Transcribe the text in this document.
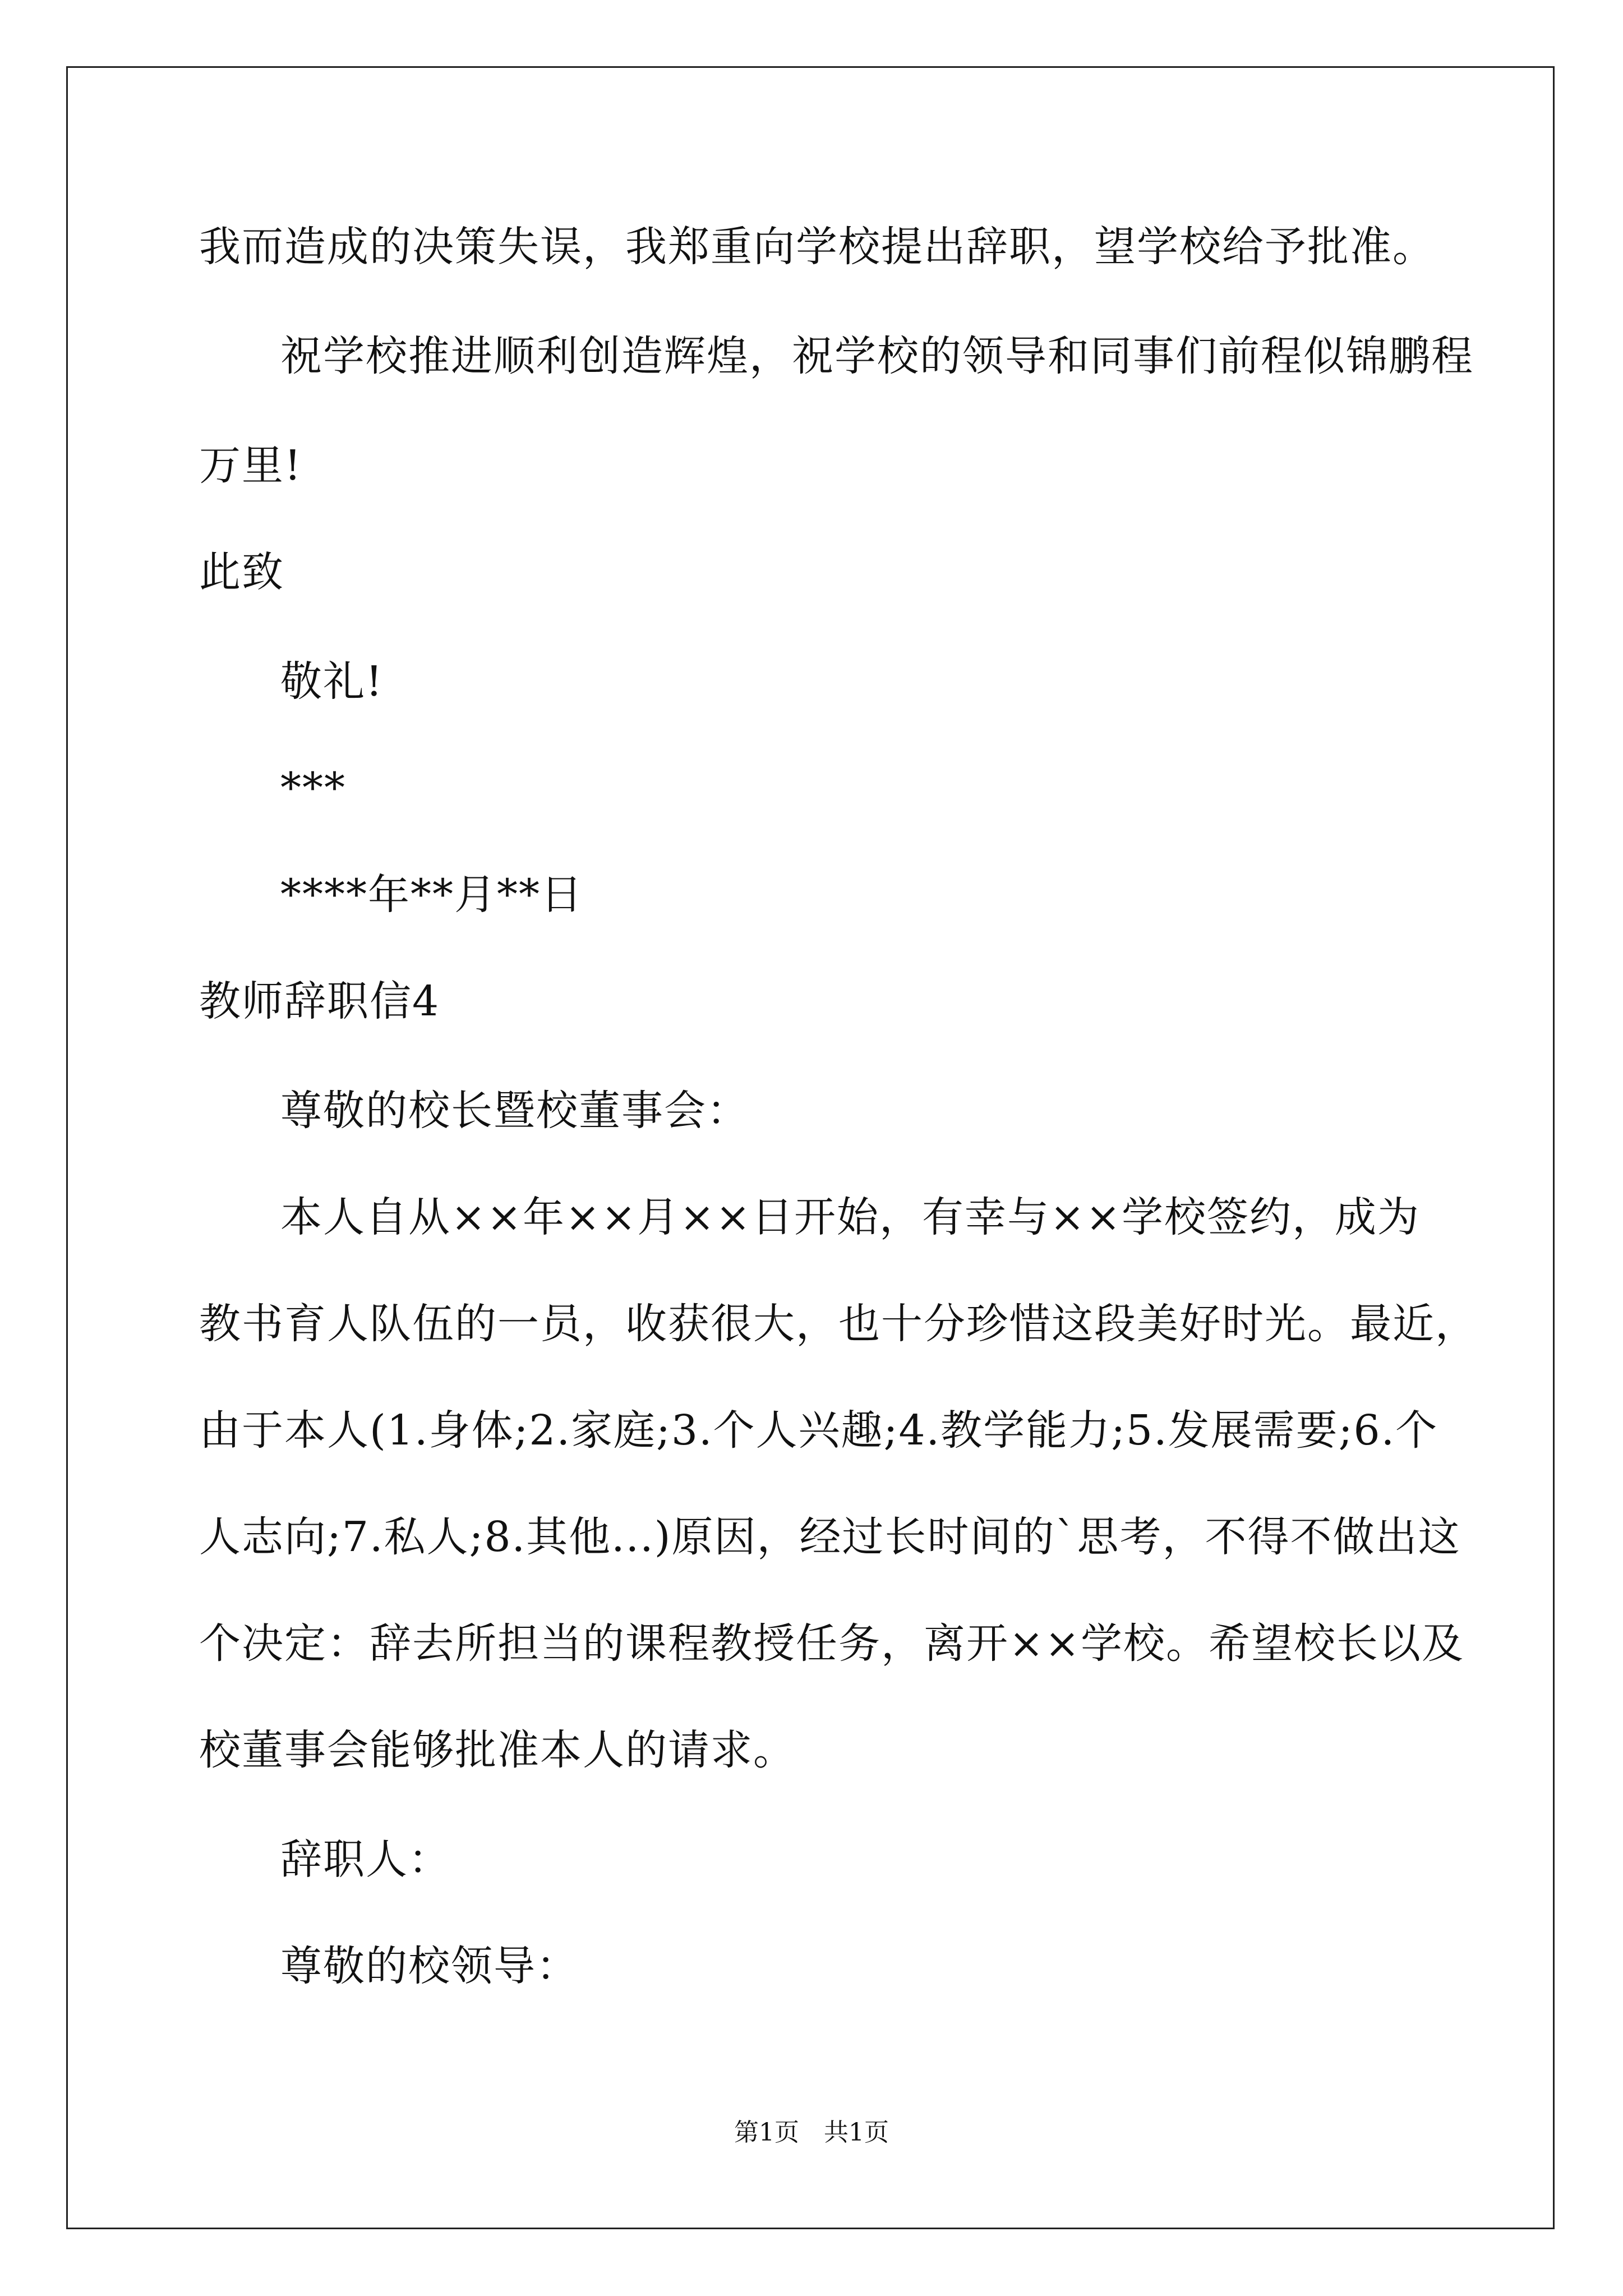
我而造成的决策失误，我郑重向学校提出辞职，望学校给予批准。
祝学校推进顺利创造辉煌，祝学校的领导和同事们前程似锦鹏程
万里!
此致
敬礼!
***
****年**月**日
教师辞职信4
尊敬的校长暨校董事会：
本人自从××年××月××日开始，有幸与××学校签约，成为
教书育人队伍的一员，收获很大，也十分珍惜这段美好时光。最近，
由于本人(1.身体;2.家庭;3.个人兴趣;4.教学能力;5.发展需要;6.个
人志向;7.私人;8.其他...)原因，经过长时间的`思考，不得不做出这
个决定：辞去所担当的课程教授任务，离开××学校。希望校长以及
校董事会能够批准本人的请求。
辞职人：
尊敬的校领导：
第1页　共1页
